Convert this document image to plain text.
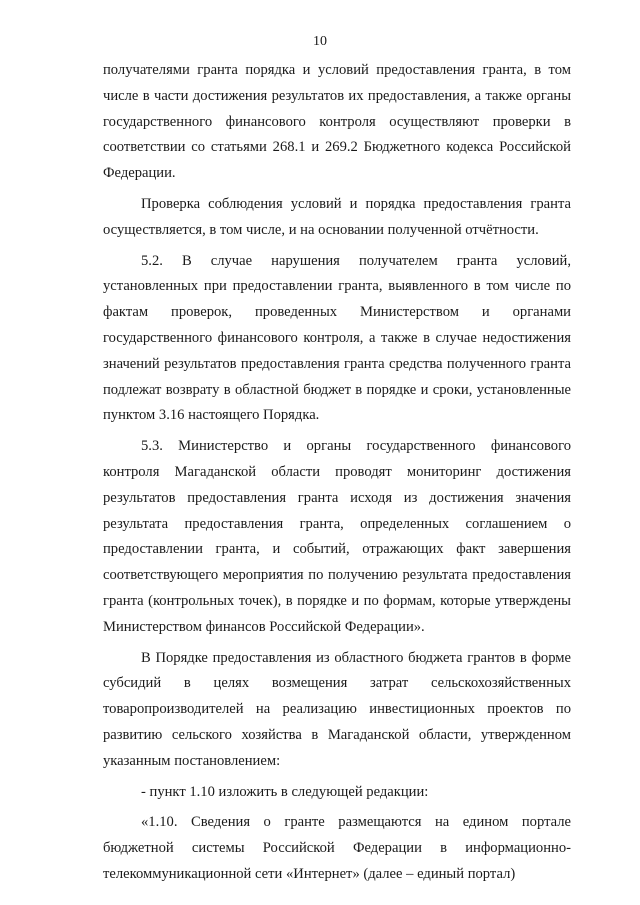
10

получателями гранта порядка и условий предоставления гранта, в том числе в части достижения результатов их предоставления, а также органы государственного финансового контроля осуществляют проверки в соответствии со статьями 268.1 и 269.2 Бюджетного кодекса Российской Федерации.

Проверка соблюдения условий и порядка предоставления гранта осуществляется, в том числе, и на основании полученной отчётности.

5.2. В случае нарушения получателем гранта условий, установленных при предоставлении гранта, выявленного в том числе по фактам проверок, проведенных Министерством и органами государственного финансового контроля, а также в случае недостижения значений результатов предоставления гранта средства полученного гранта подлежат возврату в областной бюджет в порядке и сроки, установленные пунктом 3.16 настоящего Порядка.

5.3. Министерство и органы государственного финансового контроля Магаданской области проводят мониторинг достижения результатов предоставления гранта исходя из достижения значения результата предоставления гранта, определенных соглашением о предоставлении гранта, и событий, отражающих факт завершения соответствующего мероприятия по получению результата предоставления гранта (контрольных точек), в порядке и по формам, которые утверждены Министерством финансов Российской Федерации».

В Порядке предоставления из областного бюджета грантов в форме субсидий в целях возмещения затрат сельскохозяйственных товаропроизводителей на реализацию инвестиционных проектов по развитию сельского хозяйства в Магаданской области, утвержденном указанным постановлением:

- пункт 1.10 изложить в следующей редакции:

«1.10. Сведения о гранте размещаются на едином портале бюджетной системы Российской Федерации в информационно-телекоммуникационной сети «Интернет» (далее – единый портал)
